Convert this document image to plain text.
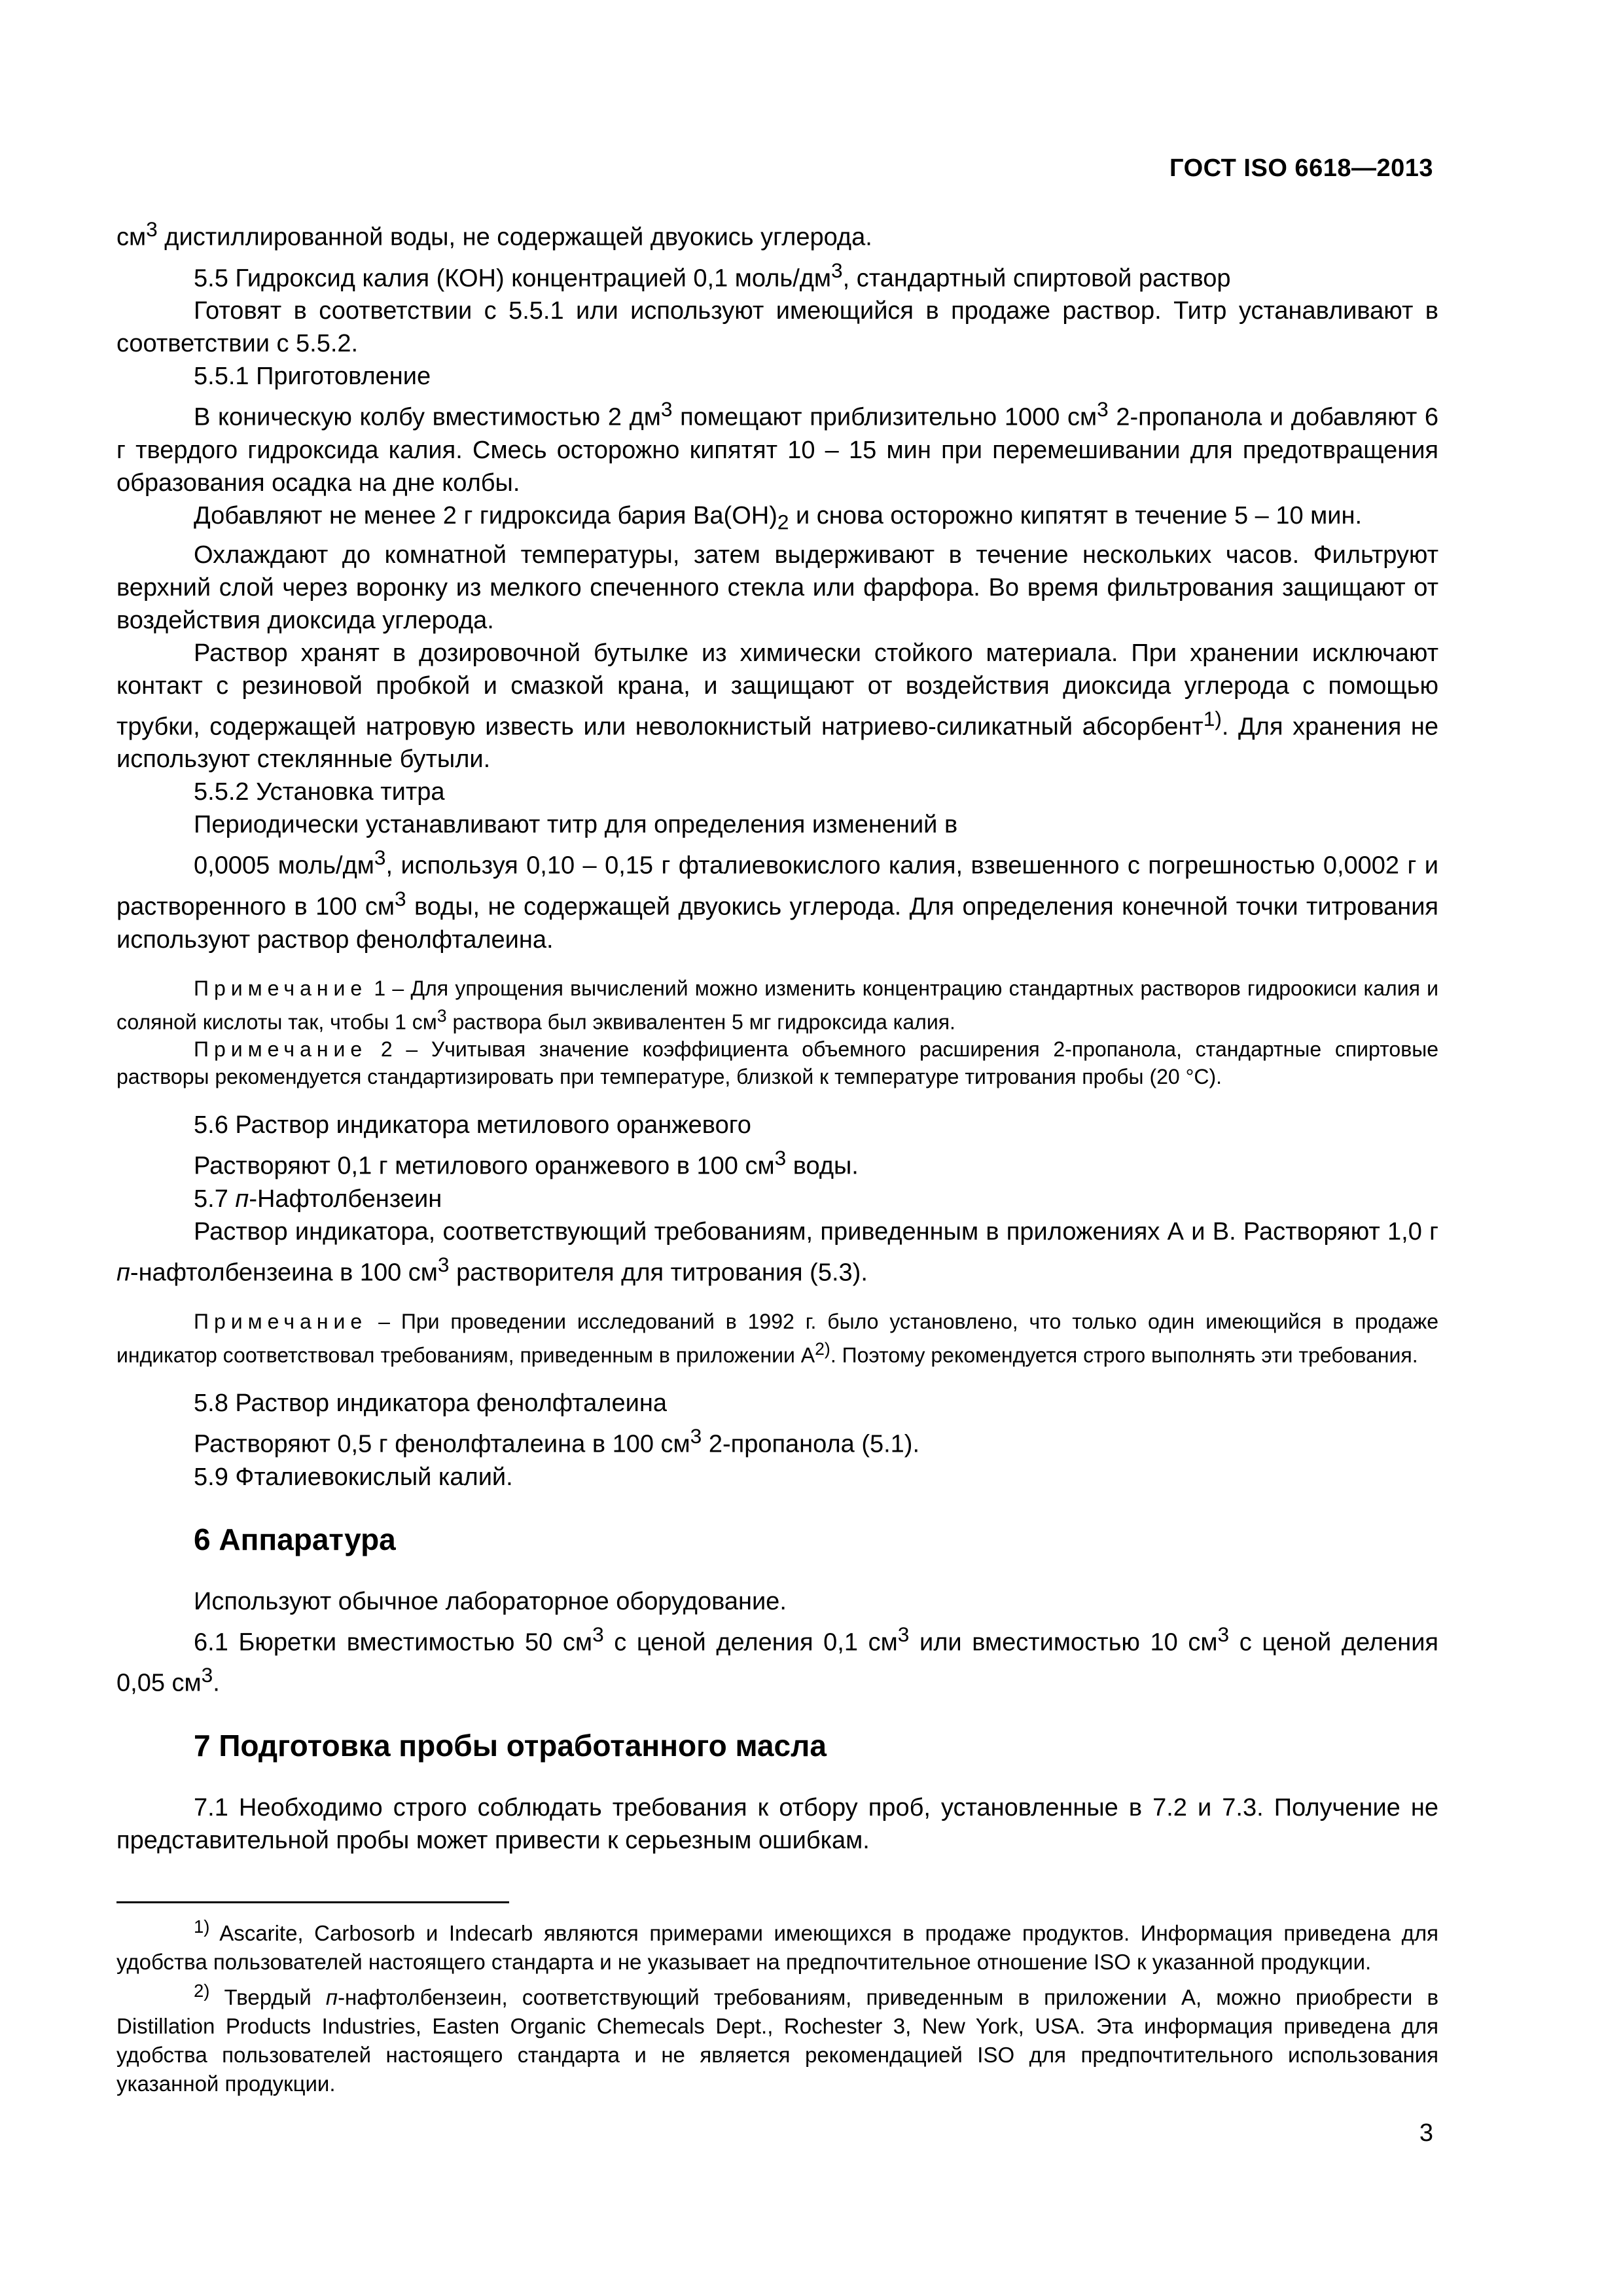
ГОСТ ISO 6618—2013

$см^3$ дистиллированной воды, не содержащей двуокись углерода.

5.5 Гидроксид калия (КОН) концентрацией 0,1 моль/$дм^3$, стандартный спиртовой раствор

Готовят в соответствии с 5.5.1 или используют имеющийся в продаже раствор. Титр устанавливают в соответствии с 5.5.2.

5.5.1 Приготовление

В коническую колбу вместимостью 2 $дм^3$ помещают приблизительно 1000 $см^3$ 2-пропанола и добавляют 6 г твердого гидроксида калия. Смесь осторожно кипятят 10 – 15 мин при перемешивании для предотвращения образования осадка на дне колбы.

Добавляют не менее 2 г гидроксида бария $Ba(OH)_2$ и снова осторожно кипятят в течение 5 – 10 мин.

Охлаждают до комнатной температуры, затем выдерживают в течение нескольких часов. Фильтруют верхний слой через воронку из мелкого спеченного стекла или фарфора. Во время фильтрования защищают от воздействия диоксида углерода.

Раствор хранят в дозировочной бутылке из химически стойкого материала. При хранении исключают контакт с резиновой пробкой и смазкой крана, и защищают от воздействия диоксида углерода с помощью трубки, содержащей натровую известь или неволокнистый натриево-силикатный абсорбент$^{1)}$. Для хранения не используют стеклянные бутыли.

5.5.2 Установка титра

Периодически устанавливают титр для определения изменений в

0,0005 моль/$дм^3$, используя 0,10 – 0,15 г фталиевокислого калия, взвешенного с погрешностью 0,0002 г и растворенного в 100 $см^3$ воды, не содержащей двуокись углерода. Для определения конечной точки титрования используют раствор фенолфталеина.

Примечание 1 – Для упрощения вычислений можно изменить концентрацию стандартных растворов гидроокиси калия и соляной кислоты так, чтобы 1 $см^3$ раствора был эквивалентен 5 мг гидроксида калия.

Примечание 2 – Учитывая значение коэффициента объемного расширения 2-пропанола, стандартные спиртовые растворы рекомендуется стандартизировать при температуре, близкой к температуре титрования пробы (20 °С).

5.6 Раствор индикатора метилового оранжевого

Растворяют 0,1 г метилового оранжевого в 100 $см^3$ воды.

5.7 п-Нафтолбензеин

Раствор индикатора, соответствующий требованиям, приведенным в приложениях А и В. Растворяют 1,0 г п-нафтолбензеина в 100 $см^3$ растворителя для титрования (5.3).

Примечание – При проведении исследований в 1992 г. было установлено, что только один имеющийся в продаже индикатор соответствовал требованиям, приведенным в приложении $А^{2)}$. Поэтому рекомендуется строго выполнять эти требования.

5.8 Раствор индикатора фенолфталеина

Растворяют 0,5 г фенолфталеина в 100 $см^3$ 2-пропанола (5.1).

5.9 Фталиевокислый калий.

6 Аппаратура

Используют обычное лабораторное оборудование.

6.1 Бюретки вместимостью 50 $см^3$ с ценой деления 0,1 $см^3$ или вместимостью 10 $см^3$ с ценой деления 0,05 $см^3$.

7 Подготовка пробы отработанного масла

7.1 Необходимо строго соблюдать требования к отбору проб, установленные в 7.2 и 7.3. Получение не представительной пробы может привести к серьезным ошибкам.

$^{1)}$ Ascarite, Carbosorb и Indecarb являются примерами имеющихся в продаже продуктов. Информация приведена для удобства пользователей настоящего стандарта и не указывает на предпочтительное отношение ISO к указанной продукции.

$^{2)}$ Твердый п-нафтолбензеин, соответствующий требованиям, приведенным в приложении А, можно приобрести в Distillation Products Industries, Easten Organic Chemecals Dept., Rochester 3, New York, USA. Эта информация приведена для удобства пользователей настоящего стандарта и не является рекомендацией ISO для предпочтительного использования указанной продукции.

3
